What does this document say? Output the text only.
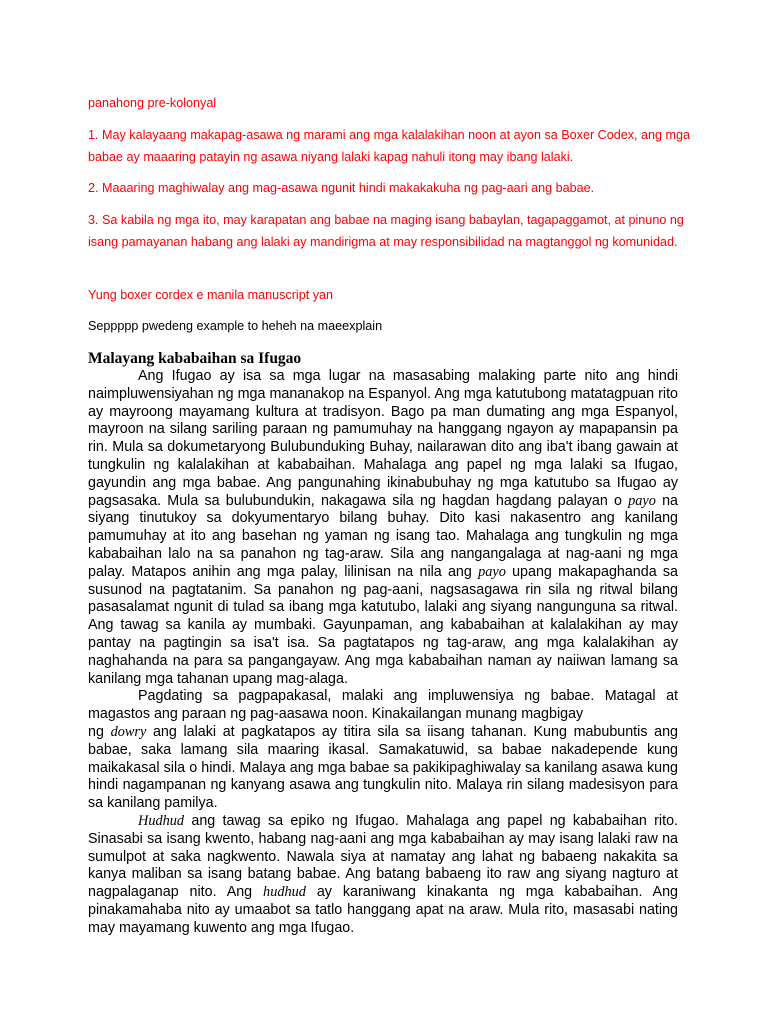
panahong pre-kolonyal

1. May kalayaang makapag-asawa ng marami ang mga kalalakihan noon at ayon sa Boxer Codex, ang mga babae ay maaaring patayin ng asawa niyang lalaki kapag nahuli itong may ibang lalaki.

2. Maaaring maghiwalay ang mag-asawa ngunit hindi makakakuha ng pag-aari ang babae.

3. Sa kabila ng mga ito, may karapatan ang babae na maging isang babaylan, tagapaggamot, at pinuno ng isang pamayanan habang ang lalaki ay mandirigma at may responsibilidad na magtanggol ng komunidad.

Yung boxer cordex e manila manuscript yan

Seppppp pwedeng example to heheh na maeexplain

Malayang kababaihan sa Ifugao

Ang Ifugao ay isa sa mga lugar na masasabing malaking parte nito ang hindi naimpluwensiyahan ng mga mananakop na Espanyol. Ang mga katutubong matatagpuan rito ay mayroong mayamang kultura at tradisyon. Bago pa man dumating ang mga Espanyol, mayroon na silang sariling paraan ng pamumuhay na hanggang ngayon ay mapapansin pa rin. Mula sa dokumetaryong Bulubunduking Buhay, nailarawan dito ang iba't ibang gawain at tungkulin ng kalalakihan at kababaihan. Mahalaga ang papel ng mga lalaki sa Ifugao, gayundin ang mga babae. Ang pangunahing ikinabubuhay ng mga katutubo sa Ifugao ay pagsasaka. Mula sa bulubundukin, nakagawa sila ng hagdan hagdang palayan o payo na siyang tinutukoy sa dokyumentaryo bilang buhay. Dito kasi nakasentro ang kanilang pamumuhay at ito ang basehan ng yaman ng isang tao. Mahalaga ang tungkulin ng mga kababaihan lalo na sa panahon ng tag-araw. Sila ang nangangalaga at nag-aani ng mga palay. Matapos anihin ang mga palay, lilinisan na nila ang payo upang makapaghanda sa susunod na pagtatanim. Sa panahon ng pag-aani, nagsasagawa rin sila ng ritwal bilang pasasalamat ngunit di tulad sa ibang mga katutubo, lalaki ang siyang nangunguna sa ritwal. Ang tawag sa kanila ay mumbaki. Gayunpaman, ang kababaihan at kalalakihan ay may pantay na pagtingin sa isa't isa. Sa pagtatapos ng tag-araw, ang mga kalalakihan ay naghahanda na para sa pangangayaw. Ang mga kababaihan naman ay naiiwan lamang sa kanilang mga tahanan upang mag-alaga.

Pagdating sa pagpapakasal, malaki ang impluwensiya ng babae. Matagal at magastos ang paraan ng pag-aasawa noon. Kinakailangan munang magbigay

ng dowry ang lalaki at pagkatapos ay titira sila sa iisang tahanan. Kung mabubuntis ang babae, saka lamang sila maaring ikasal. Samakatuwid, sa babae nakadepende kung maikakasal sila o hindi. Malaya ang mga babae sa pakikipaghiwalay sa kanilang asawa kung hindi nagampanan ng kanyang asawa ang tungkulin nito. Malaya rin silang madesisyon para sa kanilang pamilya.

Hudhud ang tawag sa epiko ng Ifugao. Mahalaga ang papel ng kababaihan rito. Sinasabi sa isang kwento, habang nag-aani ang mga kababaihan ay may isang lalaki raw na sumulpot at saka nagkwento. Nawala siya at namatay ang lahat ng babaeng nakakita sa kanya maliban sa isang batang babae. Ang batang babaeng ito raw ang siyang nagturo at nagpalaganap nito. Ang hudhud ay karaniwang kinakanta ng mga kababaihan. Ang pinakamahaba nito ay umaabot sa tatlo hanggang apat na araw. Mula rito, masasabi nating may mayamang kuwento ang mga Ifugao.
